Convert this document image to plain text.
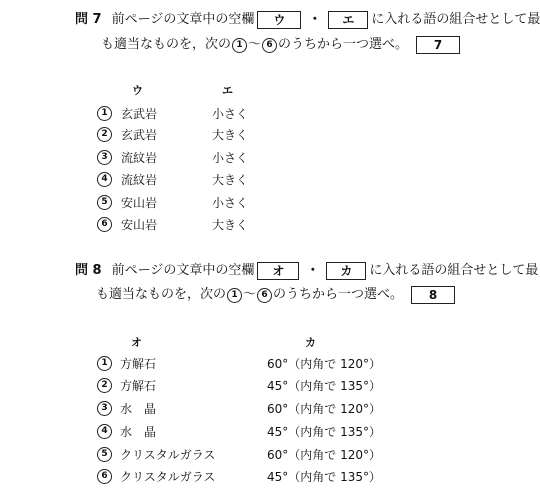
問 7 前ページの文章中の空欄	ウ	・	エ	に入れる語の組合せとして最
も適当なものを，次の 1 ～ 6 のうちから一つ選べ。	7
ウ	エ
1	玄武岩	小さく
2	玄武岩	大きく
3	流紋岩	小さく
4	流紋岩	大きく
5	安山岩	小さく
6	安山岩	大きく
問 8 前ページの文章中の空欄	オ	・	カ	に入れる語の組合せとして最
も適当なものを，次の 1 ～ 6 のうちから一つ選べ。	8
オ	カ
1	方解石	60°（内角で 120°）
2	方解石	45°（内角で 135°）
3	水　晶	60°（内角で 120°）
4	水　晶	45°（内角で 135°）
5	クリスタルガラス	60°（内角で 120°）
6	クリスタルガラス	45°（内角で 135°）
